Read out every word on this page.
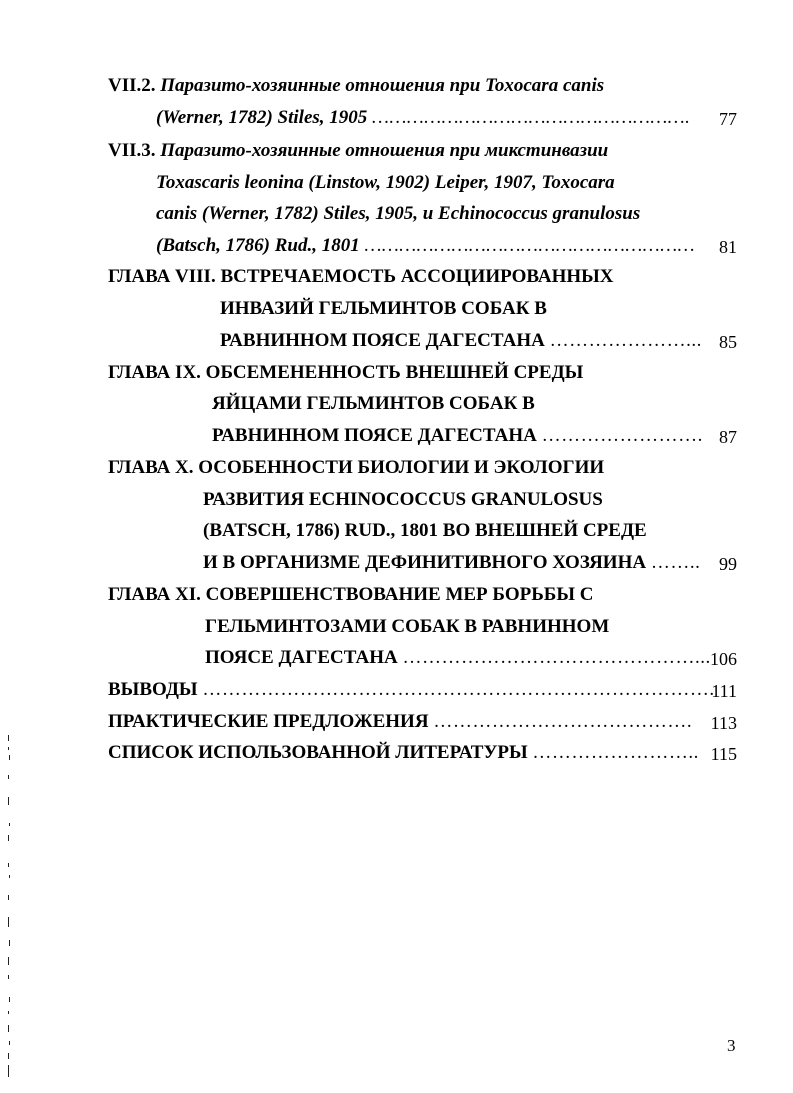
VII.2. Паразито-хозяинные отношения при Toxocara canis
(Werner, 1782) Stiles, 1905 ………………………………………………. 77
VII.3. Паразито-хозяинные отношения при микстинвазии
Toxascaris leonina (Linstow, 1902) Leiper, 1907, Toxocara
canis (Werner, 1782) Stiles, 1905, и Echinococcus granulosus
(Batsch, 1786) Rud., 1801 ………………………………………………… 81
ГЛАВА VIII. ВСТРЕЧАЕМОСТЬ АССОЦИИРОВАННЫХ
ИНВАЗИЙ ГЕЛЬМИНТОВ СОБАК В
РАВНИННОМ ПОЯСЕ ДАГЕСТАНА …………………... 85
ГЛАВА IX. ОБСЕМЕНЕННОСТЬ ВНЕШНЕЙ СРЕДЫ
ЯЙЦАМИ ГЕЛЬМИНТОВ СОБАК В
РАВНИННОМ ПОЯСЕ ДАГЕСТАНА ……………………. 87
ГЛАВА X. ОСОБЕННОСТИ БИОЛОГИИ И ЭКОЛОГИИ
РАЗВИТИЯ ECHINOCOCCUS GRANULOSUS
(BATSCH, 1786) RUD., 1801 ВО ВНЕШНЕЙ СРЕДЕ
И В ОРГАНИЗМЕ ДЕФИНИТИВНОГО ХОЗЯИНА …….. 99
ГЛАВА XI. СОВЕРШЕНСТВОВАНИЕ МЕР БОРЬБЫ С
ГЕЛЬМИНТОЗАМИ СОБАК В РАВНИННОМ
ПОЯСЕ ДАГЕСТАНА ………………………………………... 106
ВЫВОДЫ …………………………………………………………………….
111
ПРАКТИЧЕСКИЕ ПРЕДЛОЖЕНИЯ …………………………………. 113
СПИСОК ИСПОЛЬЗОВАННОЙ ЛИТЕРАТУРЫ …………………….. 115
3
